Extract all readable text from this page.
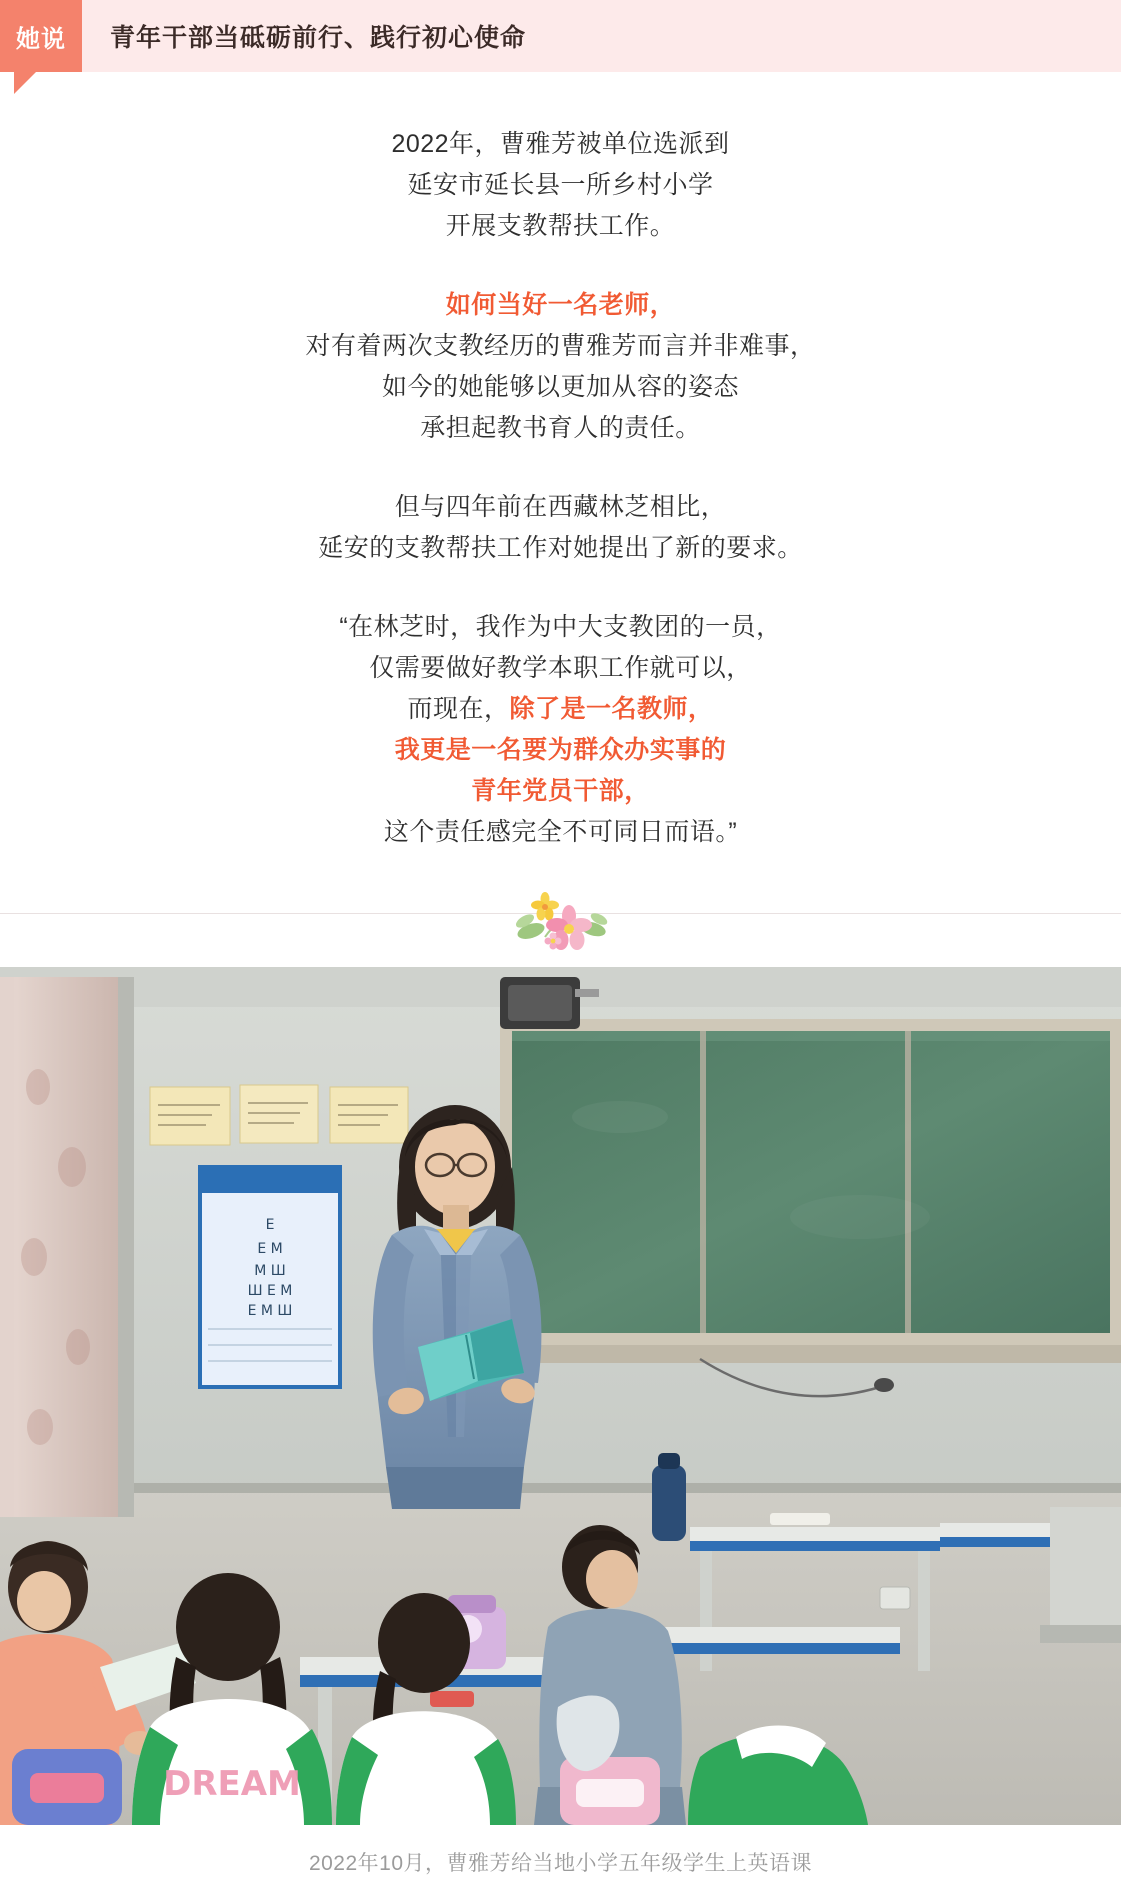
她说	青年干部当砥砺前行、践行初心使命
2022年，曹雅芳被单位选派到
延安市延长县一所乡村小学
开展支教帮扶工作。
如何当好一名老师，
对有着两次支教经历的曹雅芳而言并非难事，
如今的她能够以更加从容的姿态
承担起教书育人的责任。
但与四年前在西藏林芝相比，
延安的支教帮扶工作对她提出了新的要求。
“在林芝时，我作为中大支教团的一员，
仅需要做好教学本职工作就可以，
而现在，除了是一名教师，
我更是一名要为群众办实事的
青年党员干部，
这个责任感完全不可同日而语。”
E
E M
M Ш
Ш E M
E M Ш
DREAM
2022年10月，曹雅芳给当地小学五年级学生上英语课
